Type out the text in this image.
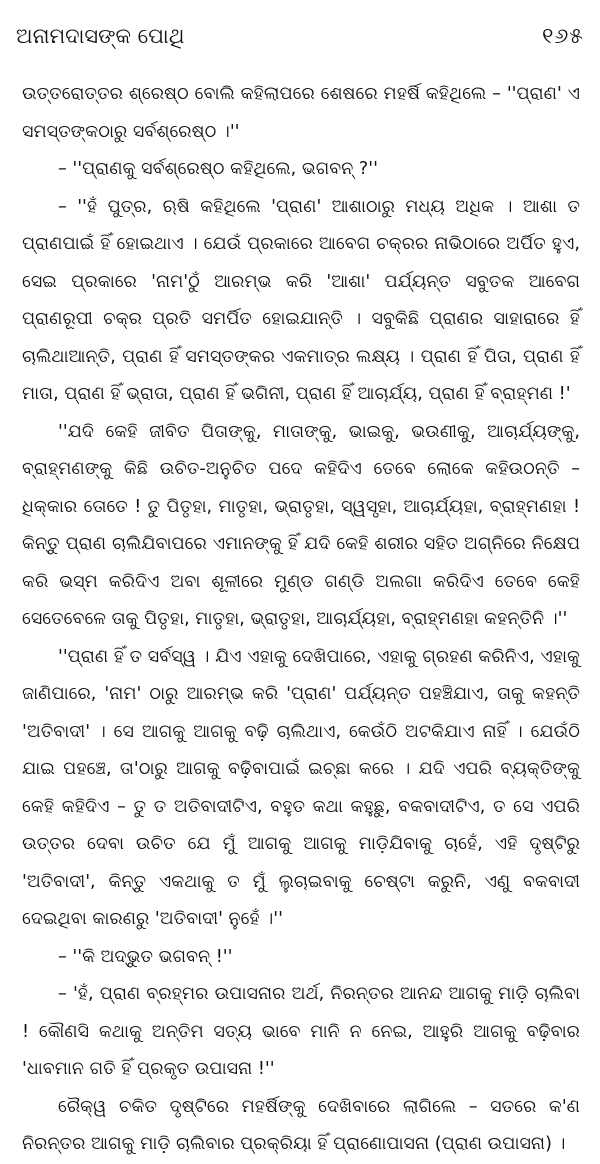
ଅନାମଦାସଙ୍କ ପୋଥି	୧୬୫

ଉତ୍ତରୋତ୍ତର ଶ୍ରେଷ୍ଠ ବୋଲି କହିଲାପରେ ଶେଷରେ ମହର୍ଷି କହିଥିଲେ – ''ପ୍ରାଣ' ଏ ସମସ୍ତଙ୍କଠାରୁ ସର୍ବଶ୍ରେଷ୍ଠ ।''

– ''ପ୍ରାଣକୁ ସର୍ବଶ୍ରେଷ୍ଠ କହିଥିଲେ, ଭଗବନ୍ ?''

– ''ହଁ ପୁତ୍ର, ଋଷି କହିଥିଲେ 'ପ୍ରାଣ' ଆଶାଠାରୁ ମଧ୍ୟ ଅଧିକ । ଆଶା ତ ପ୍ରାଣପାଇଁ ହିଁ ହୋଇଥାଏ । ଯେଉଁ ପ୍ରକାରେ ଆବେଗ ଚକ୍ରର ନାଭିଠାରେ ଅର୍ପିତ ହୁଏ, ସେଇ ପ୍ରକାରେ 'ନାମ'ଠୁଁ ଆରମ୍ଭ କରି 'ଆଶା' ପର୍ଯ୍ୟନ୍ତ ସବୁତକ ଆବେଗ ପ୍ରାଣରୂପୀ ଚକ୍ର ପ୍ରତି ସମର୍ପିତ ହୋଇଯାନ୍ତି । ସବୁକିଛି ପ୍ରାଣର ସାହାରାରେ ହିଁ ଚାଲିଥାଆନ୍ତି, ପ୍ରାଣ ହିଁ ସମସ୍ତଙ୍କର ଏକମାତ୍ର ଲକ୍ଷ୍ୟ । ପ୍ରାଣ ହିଁ ପିତା, ପ୍ରାଣ ହିଁ ମାତା, ପ୍ରାଣ ହିଁ ଭ୍ରାତା, ପ୍ରାଣ ହିଁ ଭଗିନୀ, ପ୍ରାଣ ହିଁ ଆଚାର୍ଯ୍ୟ, ପ୍ରାଣ ହିଁ ବ୍ରାହ୍ମଣ !'

''ଯଦି କେହି ଜୀବିତ ପିତାଙ୍କୁ, ମାତାଙ୍କୁ, ଭାଇକୁ, ଭଉଣୀକୁ, ଆଚାର୍ଯ୍ୟଙ୍କୁ, ବ୍ରାହ୍ମଣଙ୍କୁ କିଛି ଉଚିତ-ଅନୁଚିତ ପଦେ କହିଦିଏ ତେବେ ଲୋକେ କହିଉଠନ୍ତି – ଧିକ୍କାର ତୋତେ ! ତୁ ପିତୃହା, ମାତୃହା, ଭ୍ରାତୃହା, ସ୍ୱସୃହା, ଆଚାର୍ଯ୍ୟହା, ବ୍ରାହ୍ମଣହା ! କିନ୍ତୁ ପ୍ରାଣ ଚାଲିଯିବାପରେ ଏମାନଙ୍କୁ ହିଁ ଯଦି କେହି ଶରୀର ସହିତ ଅଗ୍ନିରେ ନିକ୍ଷେପ କରି ଭସ୍ମ କରିଦିଏ ଅବା ଶୂଳୀରେ ମୁଣ୍ଡ ଗଣ୍ଡି ଅଲଗା କରିଦିଏ ତେବେ କେହି ସେତେବେଳେ ତାକୁ ପିତୃହା, ମାତୃହା, ଭ୍ରାତୃହା, ଆଚାର୍ଯ୍ୟହା, ବ୍ରାହ୍ମଣହା କହନ୍ତିନି ।''

''ପ୍ରାଣ ହିଁ ତ ସର୍ବସ୍ୱ । ଯିଏ ଏହାକୁ ଦେଖିପାରେ, ଏହାକୁ ଗ୍ରହଣ କରିନିଏ, ଏହାକୁ ଜାଣିପାରେ, 'ନାମ' ଠାରୁ ଆରମ୍ଭ କରି 'ପ୍ରାଣ' ପର୍ଯ୍ୟନ୍ତ ପହଞ୍ଚିଯାଏ, ତାକୁ କହନ୍ତି 'ଅତିବାଦୀ' । ସେ ଆଗକୁ ଆଗକୁ ବଢ଼ି ଚାଲିଥାଏ, କେଉଁଠି ଅଟକିଯାଏ ନାହିଁ । ଯେଉଁଠି ଯାଇ ପହଞ୍ଚେ, ତା'ଠାରୁ ଆଗକୁ ବଢ଼ିବାପାଇଁ ଇଚ୍ଛା କରେ । ଯଦି ଏପରି ବ୍ୟକ୍ତିଙ୍କୁ କେହି କହିଦିଏ – ତୁ ତ ଅତିବାଦୀଟିଏ, ବହୁତ କଥା କହୁଛୁ, ବକବାଦୀଟିଏ, ତ ସେ ଏପରି ଉତ୍ତର ଦେବା ଉଚିତ ଯେ ମୁଁ ଆଗକୁ ଆଗକୁ ମାଡ଼ିଯିବାକୁ ଚାହେଁ, ଏହି ଦୃଷ୍ଟିରୁ 'ଅତିବାଦୀ', କିନ୍ତୁ ଏକଥାକୁ ତ ମୁଁ ଲୁଚାଇବାକୁ ଚେଷ୍ଟା କରୁନି, ଏଣୁ ବକବାଦୀ ଦେଇଥିବା କାରଣରୁ 'ଅତିବାଦୀ' ନୁହେଁ ।''

– ''କି ଅଦ୍ଭୁତ ଭଗବନ୍ !''

– 'ହଁ, ପ୍ରାଣ ବ୍ରହ୍ମର ଉପାସନାର ଅର୍ଥ, ନିରନ୍ତର ଆନନ୍ଦ ଆଗକୁ ମାଡ଼ି ଚାଲିବା ! କୌଣସି କଥାକୁ ଅନ୍ତିମ ସତ୍ୟ ଭାବେ ମାନି ନ ନେଇ, ଆହୁରି ଆଗକୁ ବଢ଼ିବାର 'ଧାବମାନ ଗତି ହିଁ ପ୍ରକୃତ ଉପାସନା !''

ରୈକ୍ୱ ଚକିତ ଦୃଷ୍ଟିରେ ମହର୍ଷିଙ୍କୁ ଦେଖିବାରେ ଲାଗିଲେ – ସତରେ କ'ଣ ନିରନ୍ତର ଆଗକୁ ମାଡ଼ି ଚାଲିବାର ପ୍ରକ୍ରିୟା ହିଁ ପ୍ରାଣୋପାସନା (ପ୍ରାଣ ଉପାସନା) ।
